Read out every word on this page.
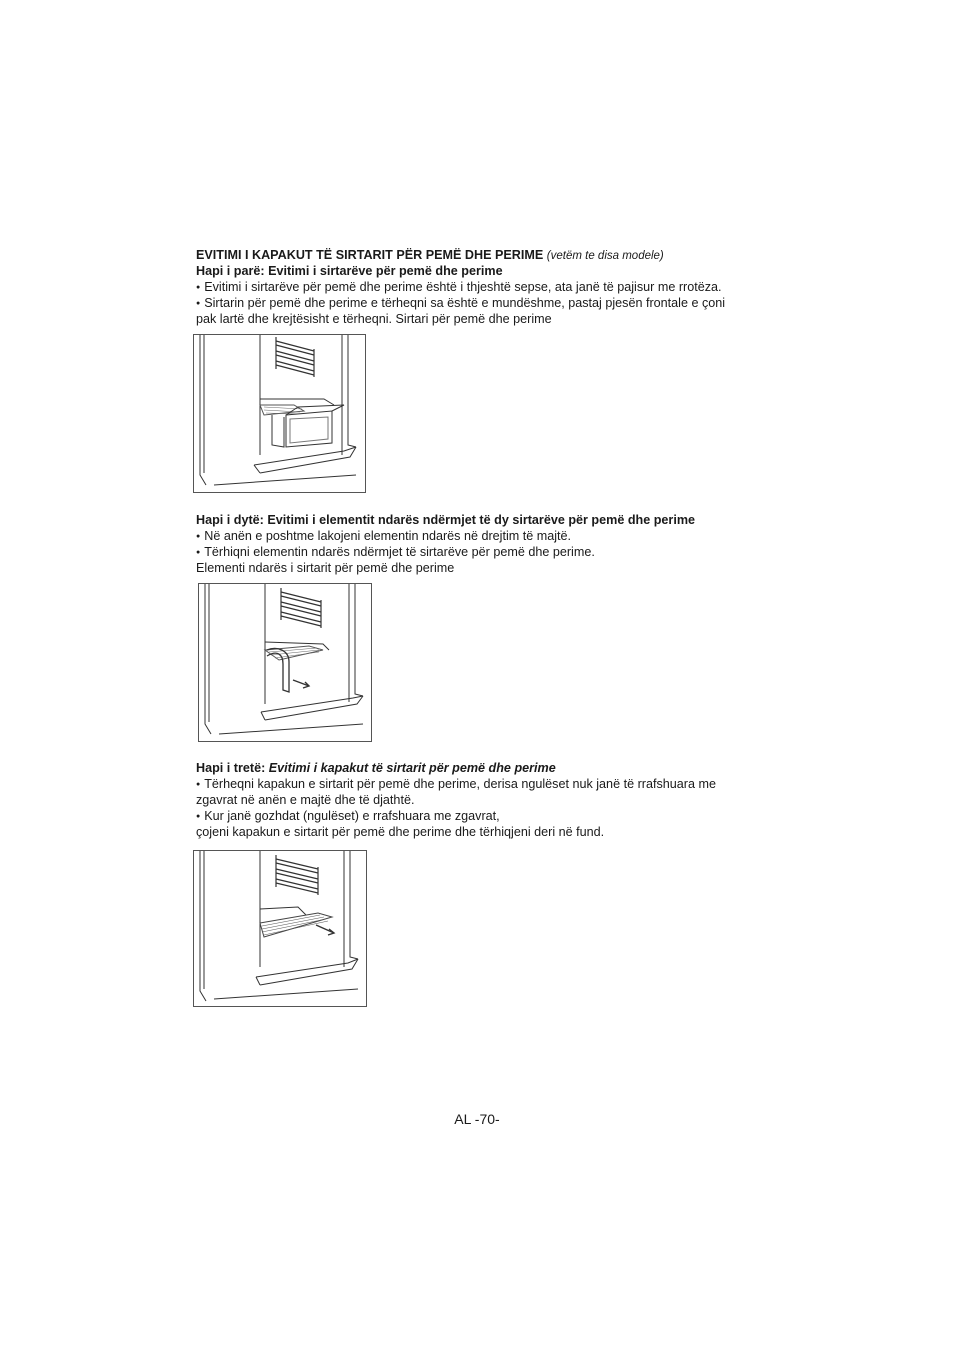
EVITIMI I KAPAKUT TË SIRTARIT PËR PEMË DHE PERIME (vetëm te disa modele)
Hapi i parë: Evitimi i sirtarëve për pemë dhe perime
● Evitimi i sirtarëve për pemë dhe perime është i thjeshtë sepse, ata janë të pajisur me rrotëza.
● Sirtarin për pemë dhe perime e tërheqni sa është e mundëshme, pastaj pjesën frontale e çoni
pak lartë dhe krejtësisht e tërheqni. Sirtari për pemë dhe perime
Hapi i dytë: Evitimi i elementit ndarës ndërmjet të dy sirtarëve për pemë dhe perime
● Në anën e poshtme lakojeni elementin ndarës në drejtim të majtë.
● Tërhiqni elementin ndarës ndërmjet të sirtarëve për pemë dhe perime.
Elementi ndarës i sirtarit për pemë dhe perime
Hapi i tretë: Evitimi i kapakut të sirtarit për pemë dhe perime
● Tërheqni kapakun e sirtarit për pemë dhe perime, derisa ngulëset nuk janë të rrafshuara me
zgavrat në anën e majtë dhe të djathtë.
● Kur janë gozhdat (ngulëset) e rrafshuara me zgavrat,
çojeni kapakun e sirtarit për pemë dhe perime dhe tërhiqjeni deri në fund.
AL -70-
